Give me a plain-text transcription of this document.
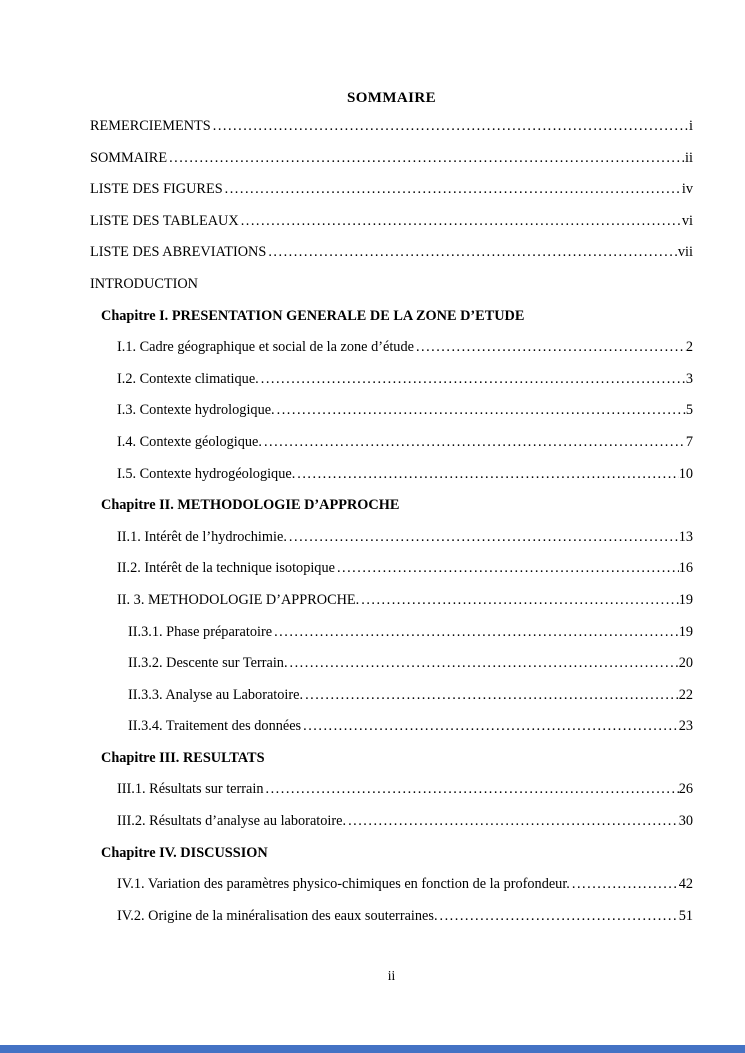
SOMMAIRE
REMERCIEMENTS .....	i
SOMMAIRE .....	ii
LISTE DES FIGURES .....	iv
LISTE DES TABLEAUX .....	vi
LISTE DES ABREVIATIONS .....	vii
INTRODUCTION
Chapitre I. PRESENTATION GENERALE DE LA ZONE D’ETUDE
I.1. Cadre géographique et social de la zone d’étude .....	2
I.2. Contexte climatique. .....	3
I.3. Contexte hydrologique. .....	5
I.4. Contexte géologique. .....	7
I.5. Contexte hydrogéologique. .....	10
Chapitre II. METHODOLOGIE D’APPROCHE
II.1. Intérêt de l’hydrochimie. .....	13
II.2. Intérêt de la technique isotopique .....	16
II. 3. METHODOLOGIE D’APPROCHE. .....	19
II.3.1. Phase préparatoire .....	19
II.3.2. Descente sur Terrain. .....	20
II.3.3. Analyse au Laboratoire. .....	22
II.3.4. Traitement des données .....	23
Chapitre III. RESULTATS
III.1. Résultats sur terrain .....	26
III.2. Résultats d’analyse au laboratoire. .....	30
Chapitre IV. DISCUSSION
IV.1. Variation des paramètres physico-chimiques en fonction de la profondeur. .....	42
IV.2. Origine de la minéralisation des eaux souterraines. .....	51
ii
